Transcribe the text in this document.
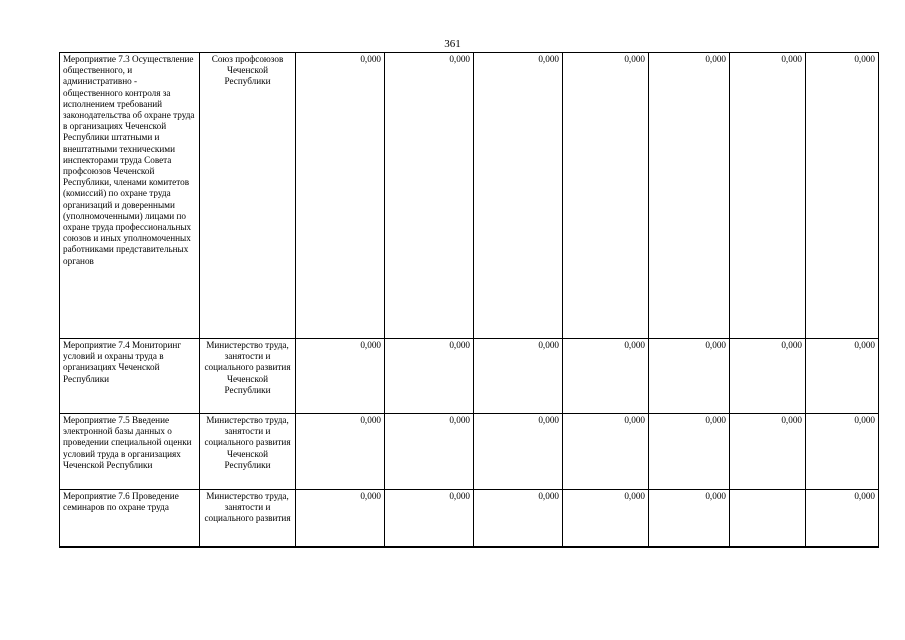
361
Мероприятие 7.3 Осуществление общественного, и административно - общественного контроля за исполнением требований законодательства об охране труда в организациях Чеченской Республики штатными и внештатными техническими инспекторами труда Совета профсоюзов Чеченской Республики, членами комитетов (комиссий) по охране труда организаций и доверенными (уполномоченными) лицами по охране труда профессиональных союзов и иных уполномоченных работниками представительных органов	Союз профсоюзов Чеченской Республики	0,000	0,000	0,000	0,000	0,000	0,000	0,000
Мероприятие 7.4 Мониторинг условий и охраны труда в организациях Чеченской Республики	Министерство труда, занятости и социального развития Чеченской Республики	0,000	0,000	0,000	0,000	0,000	0,000	0,000
Мероприятие 7.5 Введение электронной базы данных о проведении специальной оценки условий труда в организациях Чеченской Республики	Министерство труда, занятости и социального развития Чеченской Республики	0,000	0,000	0,000	0,000	0,000	0,000	0,000
Мероприятие 7.6 Проведение семинаров по охране труда	Министерство труда, занятости и социального развития	0,000	0,000	0,000	0,000	0,000		0,000
